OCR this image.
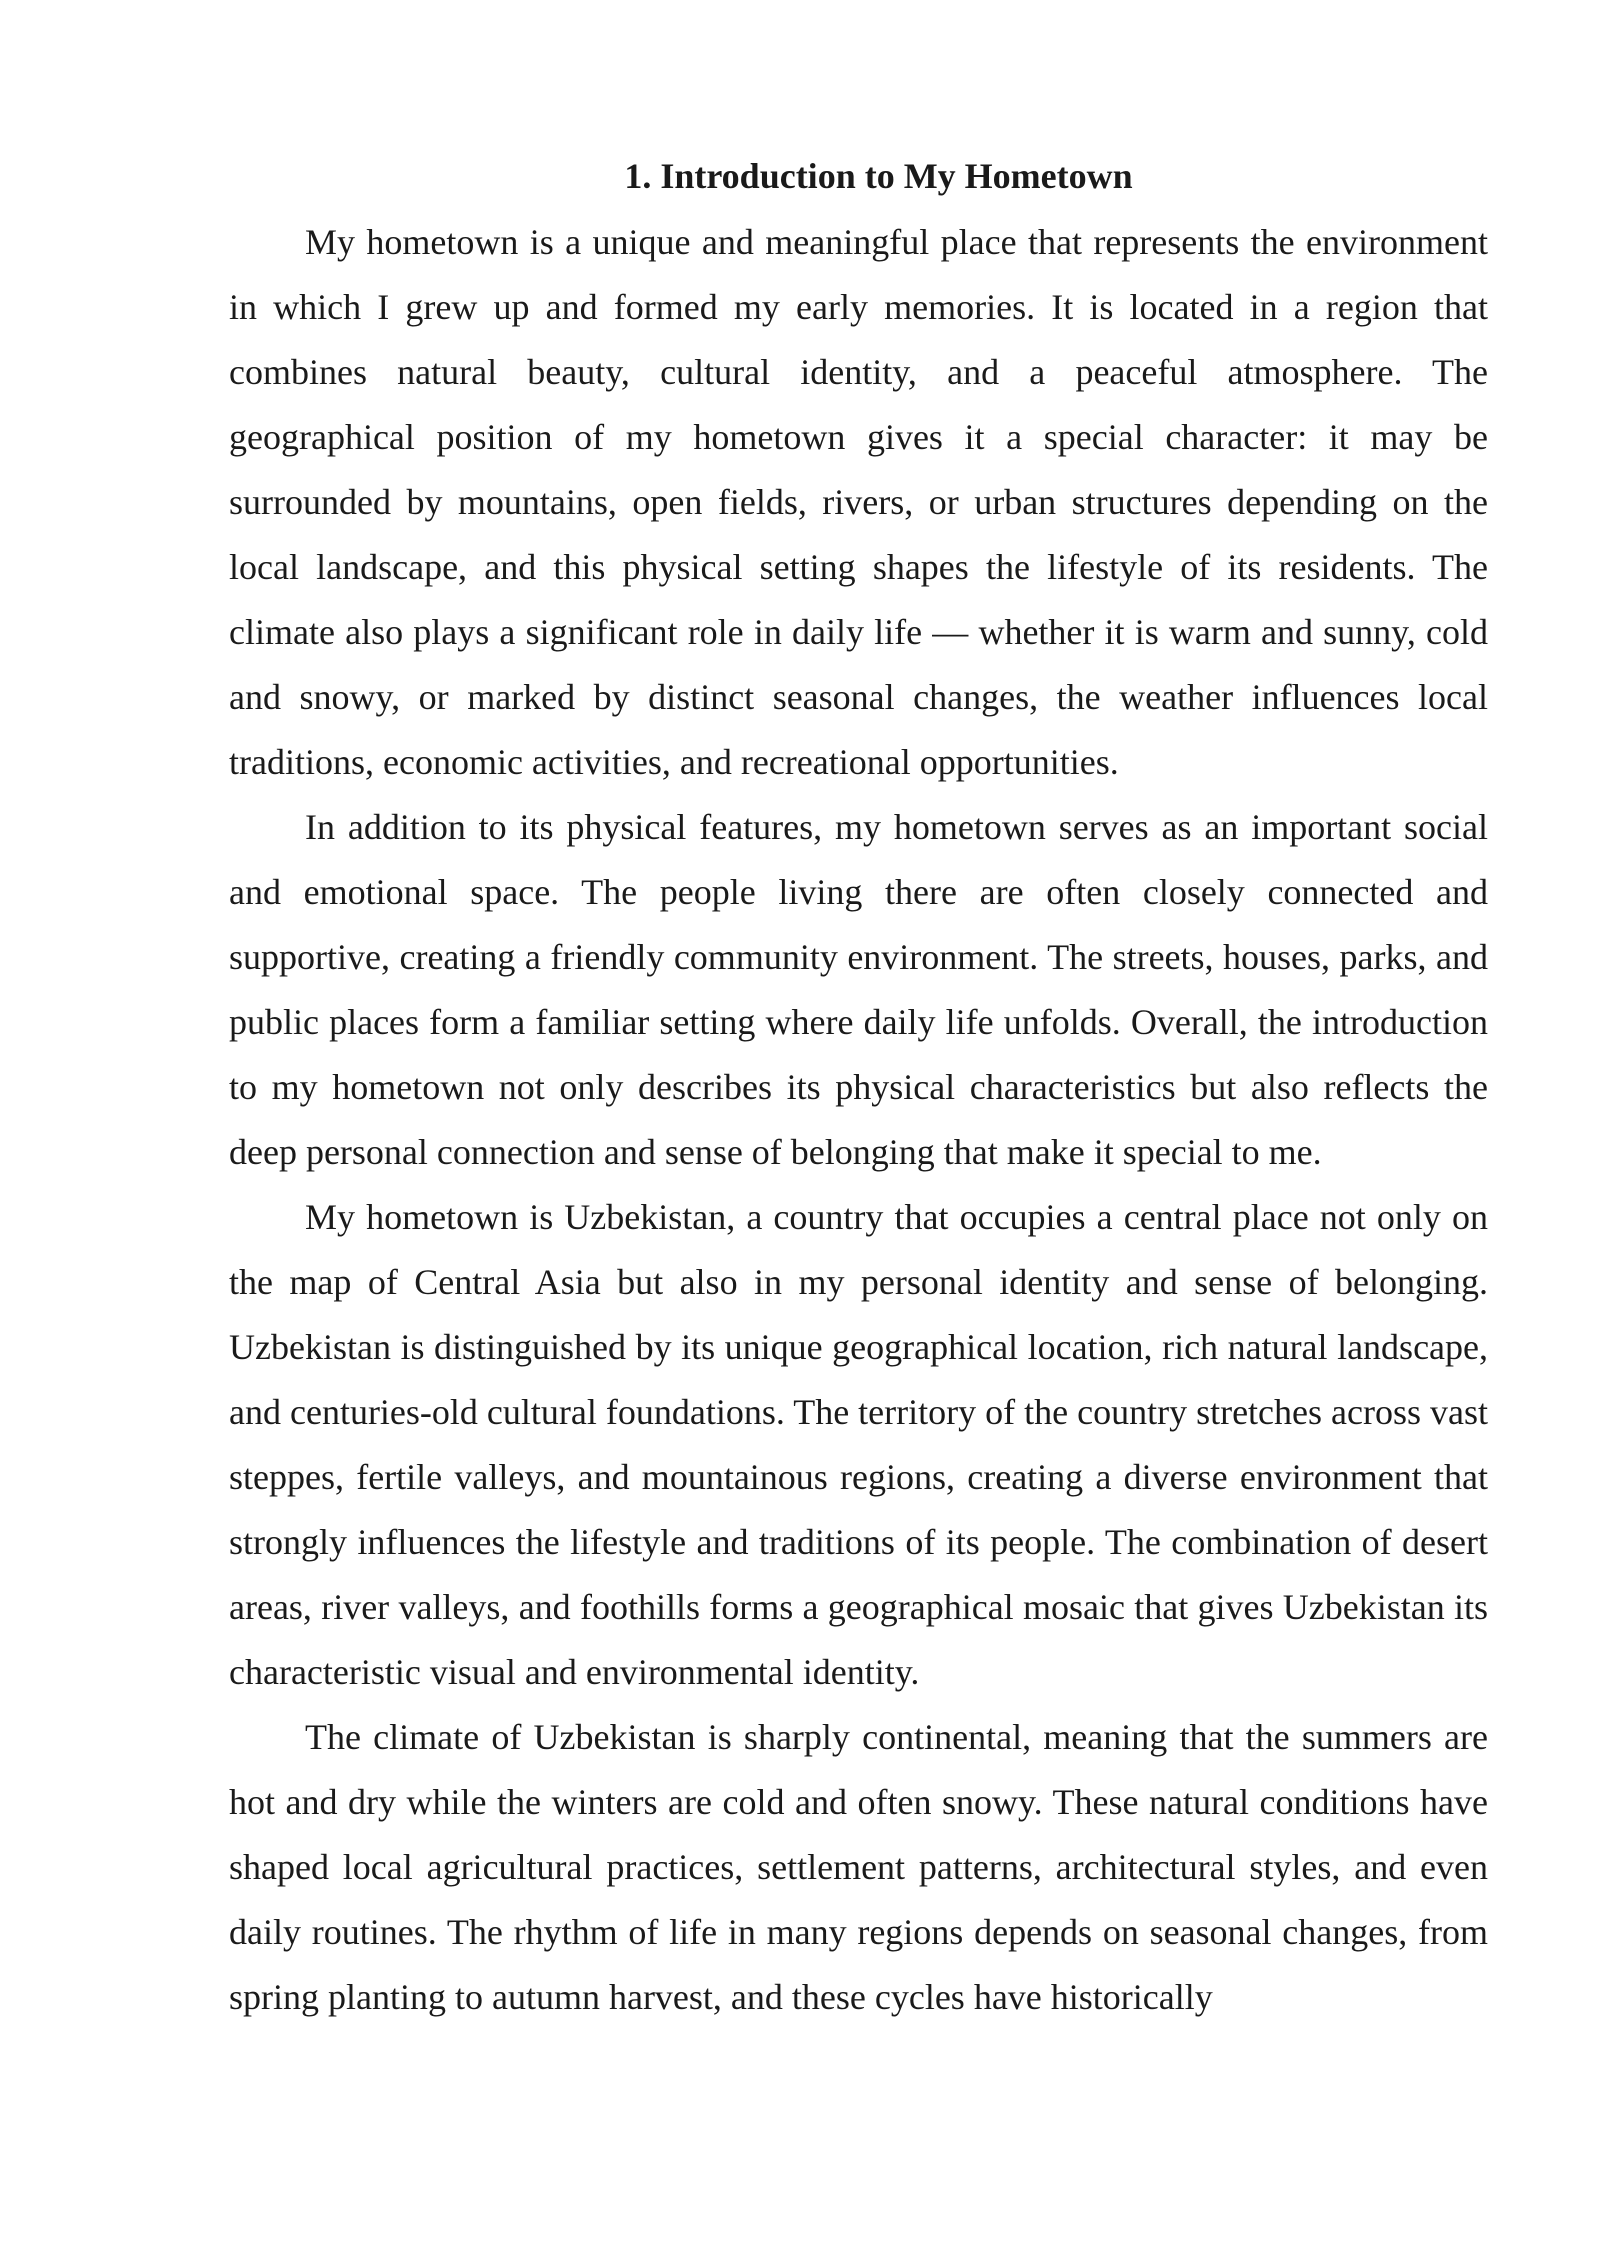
1. Introduction to My Hometown

My hometown is a unique and meaningful place that represents the environment in which I grew up and formed my early memories. It is located in a region that combines natural beauty, cultural identity, and a peaceful atmosphere. The geographical position of my hometown gives it a special character: it may be surrounded by mountains, open fields, rivers, or urban structures depending on the local landscape, and this physical setting shapes the lifestyle of its residents. The climate also plays a significant role in daily life — whether it is warm and sunny, cold and snowy, or marked by distinct seasonal changes, the weather influences local traditions, economic activities, and recreational opportunities.

In addition to its physical features, my hometown serves as an important social and emotional space. The people living there are often closely connected and supportive, creating a friendly community environment. The streets, houses, parks, and public places form a familiar setting where daily life unfolds. Overall, the introduction to my hometown not only describes its physical characteristics but also reflects the deep personal connection and sense of belonging that make it special to me.

My hometown is Uzbekistan, a country that occupies a central place not only on the map of Central Asia but also in my personal identity and sense of belonging. Uzbekistan is distinguished by its unique geographical location, rich natural landscape, and centuries-old cultural foundations. The territory of the country stretches across vast steppes, fertile valleys, and mountainous regions, creating a diverse environment that strongly influences the lifestyle and traditions of its people. The combination of desert areas, river valleys, and foothills forms a geographical mosaic that gives Uzbekistan its characteristic visual and environmental identity.

The climate of Uzbekistan is sharply continental, meaning that the summers are hot and dry while the winters are cold and often snowy. These natural conditions have shaped local agricultural practices, settlement patterns, architectural styles, and even daily routines. The rhythm of life in many regions depends on seasonal changes, from spring planting to autumn harvest, and these cycles have historically
